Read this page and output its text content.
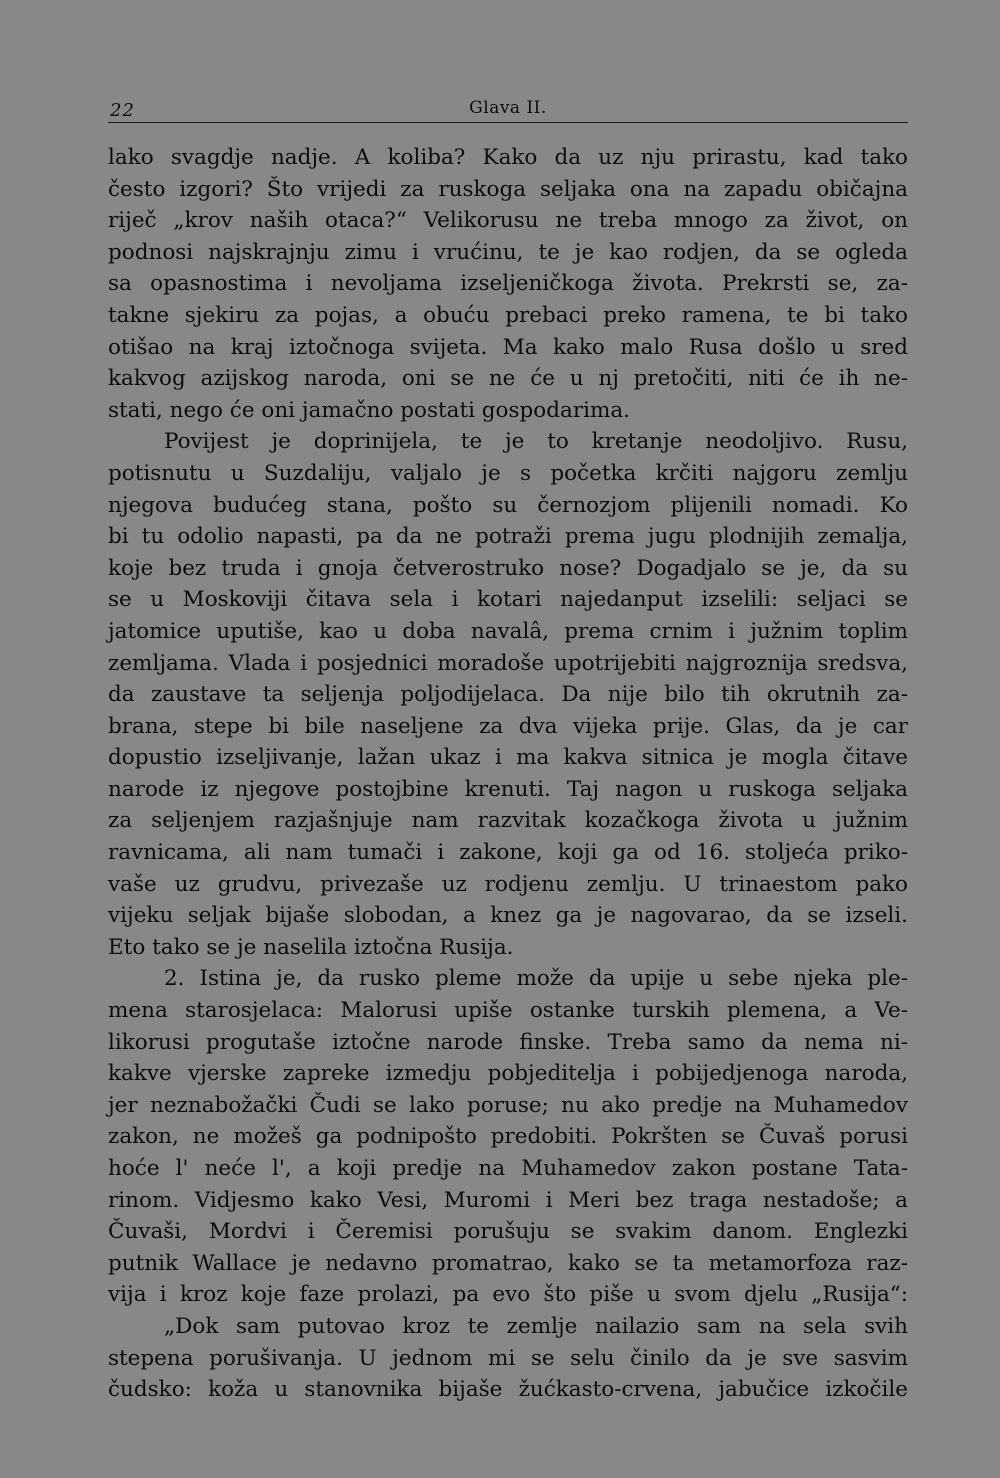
22	Glava II.
lako svagdje nadje. A koliba? Kako da uz nju prirastu, kad tako
često izgori? Što vrijedi za ruskoga seljaka ona na zapadu običajna
riječ „krov naših otaca?“ Velikorusu ne treba mnogo za život, on
podnosi najskrajnju zimu i vrućinu, te je kao rodjen, da se ogleda
sa opasnostima i nevoljama izseljeničkoga života. Prekrsti se, za-
takne sjekiru za pojas, a obuću prebaci preko ramena, te bi tako
otišao na kraj iztočnoga svijeta. Ma kako malo Rusa došlo u sred
kakvog azijskog naroda, oni se ne će u nj pretočiti, niti će ih ne-
stati, nego će oni jamačno postati gospodarima.
Povijest je doprinijela, te je to kretanje neodoljivo. Rusu,
potisnutu u Suzdaliju, valjalo je s početka krčiti najgoru zemlju
njegova budućeg stana, pošto su černozjom plijenili nomadi. Ko
bi tu odolio napasti, pa da ne potraži prema jugu plodnijih zemalja,
koje bez truda i gnoja četverostruko nose? Dogadjalo se je, da su
se u Moskoviji čitava sela i kotari najedanput izselili: seljaci se
jatomice uputiše, kao u doba navalâ, prema crnim i južnim toplim
zemljama. Vlada i posjednici moradoše upotrijebiti najgroznija sredsva,
da zaustave ta seljenja poljodijelaca. Da nije bilo tih okrutnih za-
brana, stepe bi bile naseljene za dva vijeka prije. Glas, da je car
dopustio izseljivanje, lažan ukaz i ma kakva sitnica je mogla čitave
narode iz njegove postojbine krenuti. Taj nagon u ruskoga seljaka
za seljenjem razjašnjuje nam razvitak kozačkoga života u južnim
ravnicama, ali nam tumači i zakone, koji ga od 16. stoljeća priko-
vaše uz grudvu, privezaše uz rodjenu zemlju. U trinaestom pako
vijeku seljak bijaše slobodan, a knez ga je nagovarao, da se izseli.
Eto tako se je naselila iztočna Rusija.
2. Istina je, da rusko pleme može da upije u sebe njeka ple-
mena starosjelaca: Malorusi upiše ostanke turskih plemena, a Ve-
likorusi progutaše iztočne narode finske. Treba samo da nema ni-
kakve vjerske zapreke izmedju pobjeditelja i pobijedjenoga naroda,
jer neznabožački Čudi se lako poruse; nu ako predje na Muhamedov
zakon, ne možeš ga podnipošto predobiti. Pokršten se Čuvaš porusi
hoće l' neće l', a koji predje na Muhamedov zakon postane Tata-
rinom. Vidjesmo kako Vesi, Muromi i Meri bez traga nestadoše; a
Čuvaši, Mordvi i Čeremisi porušuju se svakim danom. Englezki
putnik Wallace je nedavno promatrao, kako se ta metamorfoza raz-
vija i kroz koje faze prolazi, pa evo što piše u svom djelu „Rusija“:
„Dok sam putovao kroz te zemlje nailazio sam na sela svih
stepena porušivanja. U jednom mi se selu činilo da je sve sasvim
čudsko: koža u stanovnika bijaše žućkasto-crvena, jabučice izkočile
